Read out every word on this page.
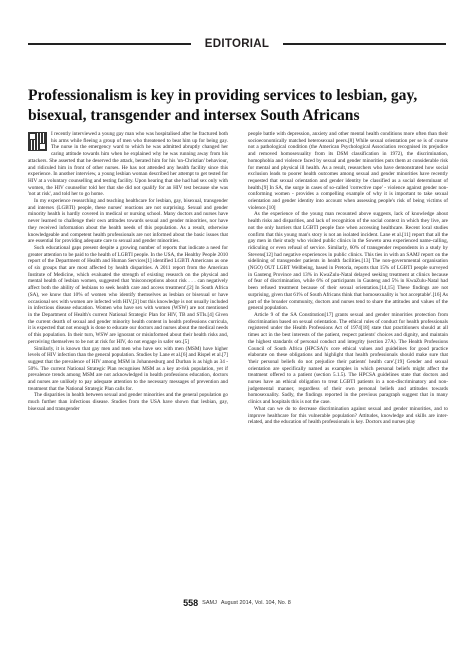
EDITORIAL
Professionalism is key in providing services to lesbian, gay, bisexual, transgender and intersex South Africans

I recently interviewed a young gay man who was hospitalised after he fractured both his arms while fleeing a group of men who threatened to beat him up for being gay. The nurse in the emergency ward to which he was admitted abruptly changed her caring attitude towards him when he explained why he was running away from his attackers. She asserted that he deserved the attack, berated him for his 'un-Christian' behaviour, and ridiculed him in front of other nurses. He has not attended any health facility since this experience. In another interview, a young lesbian woman described her attempt to get tested for HIV at a voluntary counselling and testing facility. Upon hearing that she had had sex only with women, the HIV counsellor told her that she did not qualify for an HIV test because she was 'not at risk', and told her to go home.

In my experience researching and teaching healthcare for lesbian, gay, bisexual, transgender and intersex (LGBTI) people, these nurses' reactions are not surprising. Sexual and gender minority health is hardly covered in medical or nursing school. Many doctors and nurses have never learned to challenge their own attitudes towards sexual and gender minorities, nor have they received information about the health needs of this population. As a result, otherwise knowledgeable and competent health professionals are not informed about the basic issues that are essential for providing adequate care to sexual and gender minorities.

Such educational gaps present despite a growing number of reports that indicate a need for greater attention to be paid to the health of LGBTI people. In the USA, the Healthy People 2010 report of the Department of Health and Human Services[1] identified LGBTI Americans as one of six groups that are most affected by health disparities. A 2011 report from the American Institute of Medicine, which evaluated the strength of existing research on the physical and mental health of lesbian women, suggested that 'misconceptions about risk . . . can negatively affect both the ability of lesbians to seek health care and access treatment'.[2] In South Africa (SA), we know that 10% of women who identify themselves as lesbian or bisexual or have occasional sex with women are infected with HIV,[3] but this knowledge is not usually included in infectious disease education. Women who have sex with women (WSW) are not mentioned in the Department of Health's current National Strategic Plan for HIV, TB and STIs.[4] Given the current dearth of sexual and gender minority health content in health professions curricula, it is expected that not enough is done to educate our doctors and nurses about the medical needs of this population. In their turn, WSW are ignorant or misinformed about their health risks and, perceiving themselves to be not at risk for HIV, do not engage in safer sex.[5]

Similarly, it is known that gay men and men who have sex with men (MSM) have higher levels of HIV infection than the general population. Studies by Lane et al.[6] and Rispel et al.[7] suggest that the prevalence of HIV among MSM in Johannesburg and Durban is as high as 34 - 50%. The current National Strategic Plan recognises MSM as a key at-risk population, yet if prevalence trends among MSM are not acknowledged in health professions education, doctors and nurses are unlikely to pay adequate attention to the necessary messages of prevention and treatment that the National Strategic Plan calls for.

The disparities in health between sexual and gender minorities and the general population go much further than infectious disease. Studies from the USA have shown that lesbian, gay, bisexual and transgender

people battle with depression, anxiety and other mental health conditions more often than their socioeconomically matched heterosexual peers.[8] While sexual orientation per se is of course not a pathological condition (the American Psychological Association recognised its prejudice and removed homosexuality from its DSM classification in 1972), the discrimination, homophobia and violence faced by sexual and gender minorities puts them at considerable risk for mental and physical ill health. As a result, researchers who have demonstrated how social exclusion leads to poorer health outcomes among sexual and gender minorities have recently requested that sexual orientation and gender identity be classified as a social determinant of health.[9] In SA, the surge in cases of so-called 'corrective rape' - violence against gender non-conforming women - provides a compelling example of why it is important to take sexual orientation and gender identity into account when assessing people's risk of being victims of violence.[10]

As the experience of the young man recounted above suggests, lack of knowledge about health risks and disparities, and lack of recognition of the social context in which they live, are not the only barriers that LGBTI people face when accessing healthcare. Recent local studies confirm that this young man's story is not an isolated incident. Lane et al.[11] report that all the gay men in their study who visited public clinics in the Soweto area experienced name-calling, ridiculing or even refusal of service. Similarly, 60% of transgender respondents in a study by Stevens[12] had negative experiences in public clinics. This ties in with an SAMJ report on the sidelining of transgender patients in health facilities.[13] The non-governmental organisation (NGO) OUT LGBT Wellbeing, based in Pretoria, reports that 15% of LGBTI people surveyed in Gauteng Province and 13% in KwaZulu-Natal delayed seeking treatment at clinics because of fear of discrimination, while 6% of participants in Gauteng and 5% in KwaZulu-Natal had been refused treatment because of their sexual orientation.[14,15] These findings are not surprising, given that 61% of South Africans think that homosexuality is 'not acceptable'.[16] As part of the broader community, doctors and nurses tend to share the attitudes and values of the general population.

Article 9 of the SA Constitution[17] grants sexual and gender minorities protection from discrimination based on sexual orientation. The ethical rules of conduct for health professionals registered under the Health Professions Act of 1974[18] state that practitioners should at all times act in the best interests of the patient, respect patients' choices and dignity, and maintain the highest standards of personal conduct and integrity (section 27A). The Health Professions Council of South Africa (HPCSA)'s core ethical values and guidelines for good practice elaborate on these obligations and highlight that health professionals should make sure that 'their personal beliefs do not prejudice their patients' health care'.[19] Gender and sexual orientation are specifically named as examples in which personal beliefs might affect the treatment offered to a patient (section 5.1.5). The HPCSA guidelines state that doctors and nurses have an ethical obligation to treat LGBTI patients in a non-discriminatory and non-judgemental manner, regardless of their own personal beliefs and attitudes towards homosexuality. Sadly, the findings reported in the previous paragraph suggest that in many clinics and hospitals this is not the case.

What can we do to decrease discrimination against sexual and gender minorities, and to improve healthcare for this vulnerable population? Attitudes, knowledge and skills are inter-related, and the education of health professionals is key. Doctors and nurses play

558 SAMJ August 2014, Vol. 104, No. 8
